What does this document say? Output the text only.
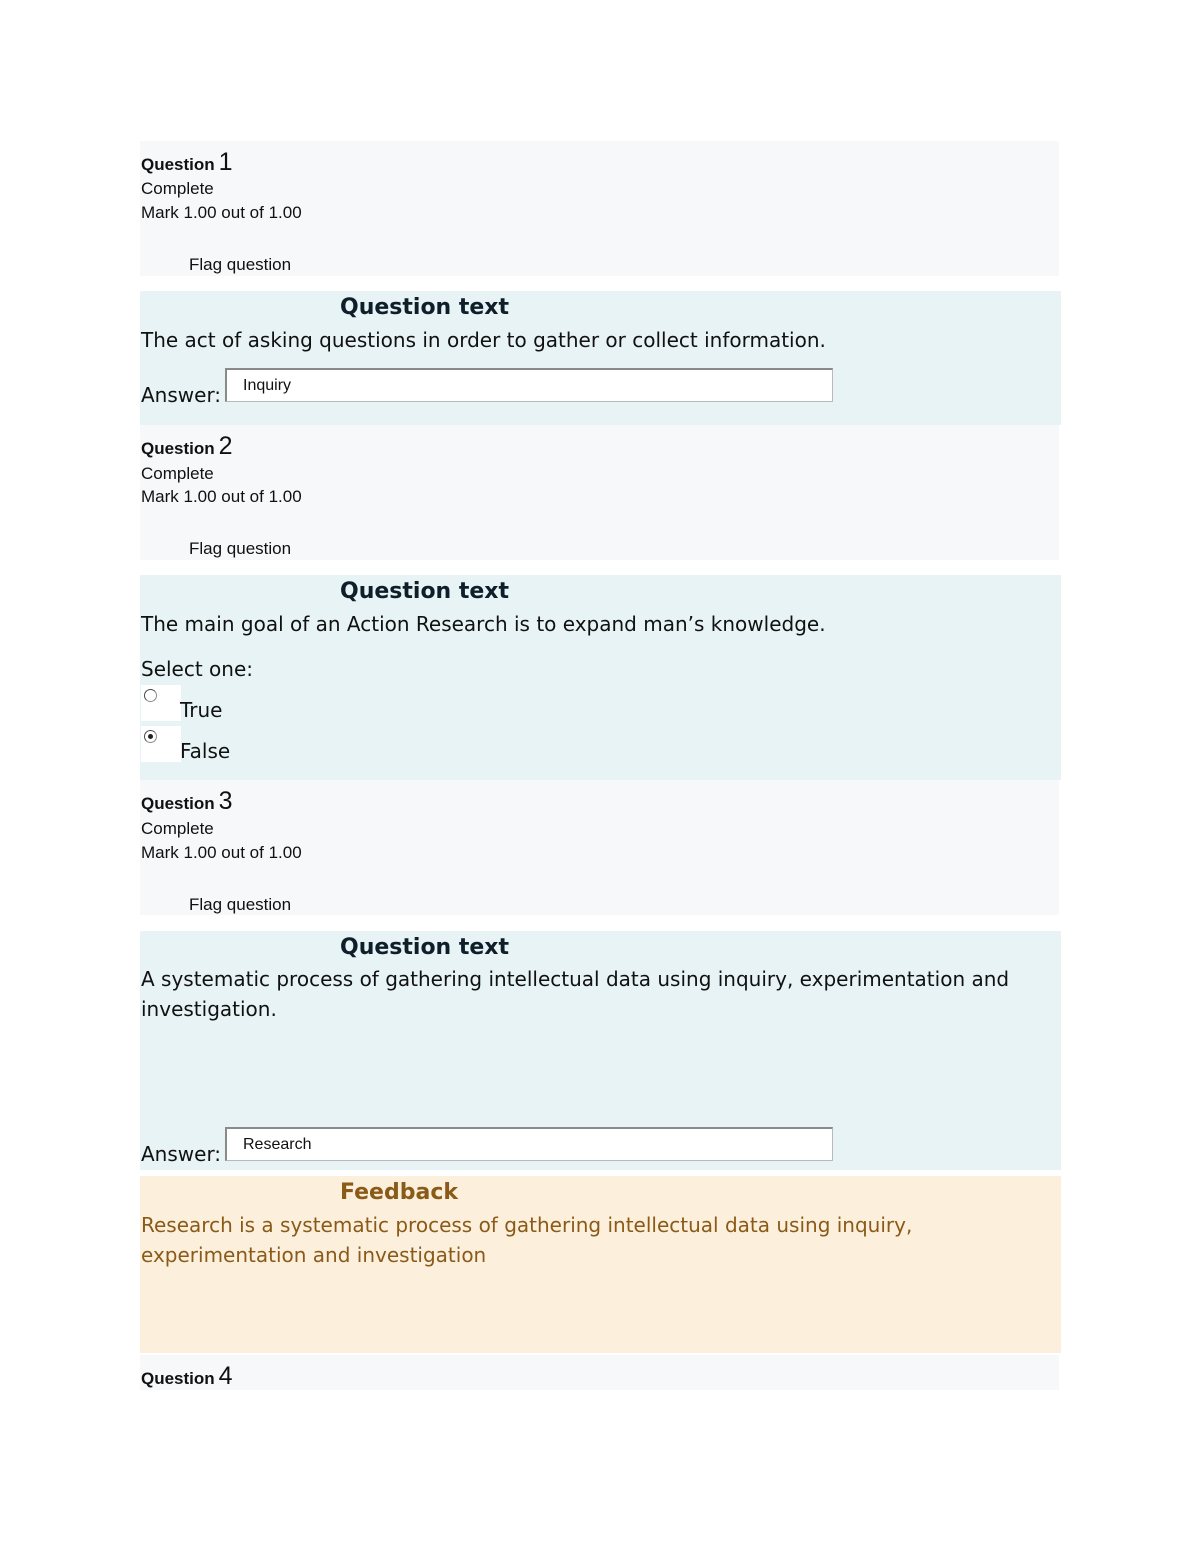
Question 1
Complete
Mark 1.00 out of 1.00
Flag question
Question text
The act of asking questions in order to gather or collect information.
Answer:
Inquiry
Question 2
Complete
Mark 1.00 out of 1.00
Flag question
Question text
The main goal of an Action Research is to expand man’s knowledge.
Select one:
True
False
Question 3
Complete
Mark 1.00 out of 1.00
Flag question
Question text
A systematic process of gathering intellectual data using inquiry, experimentation and investigation.
Answer:
Research
Feedback
Research is a systematic process of gathering intellectual data using inquiry, experimentation and investigation
Question 4
